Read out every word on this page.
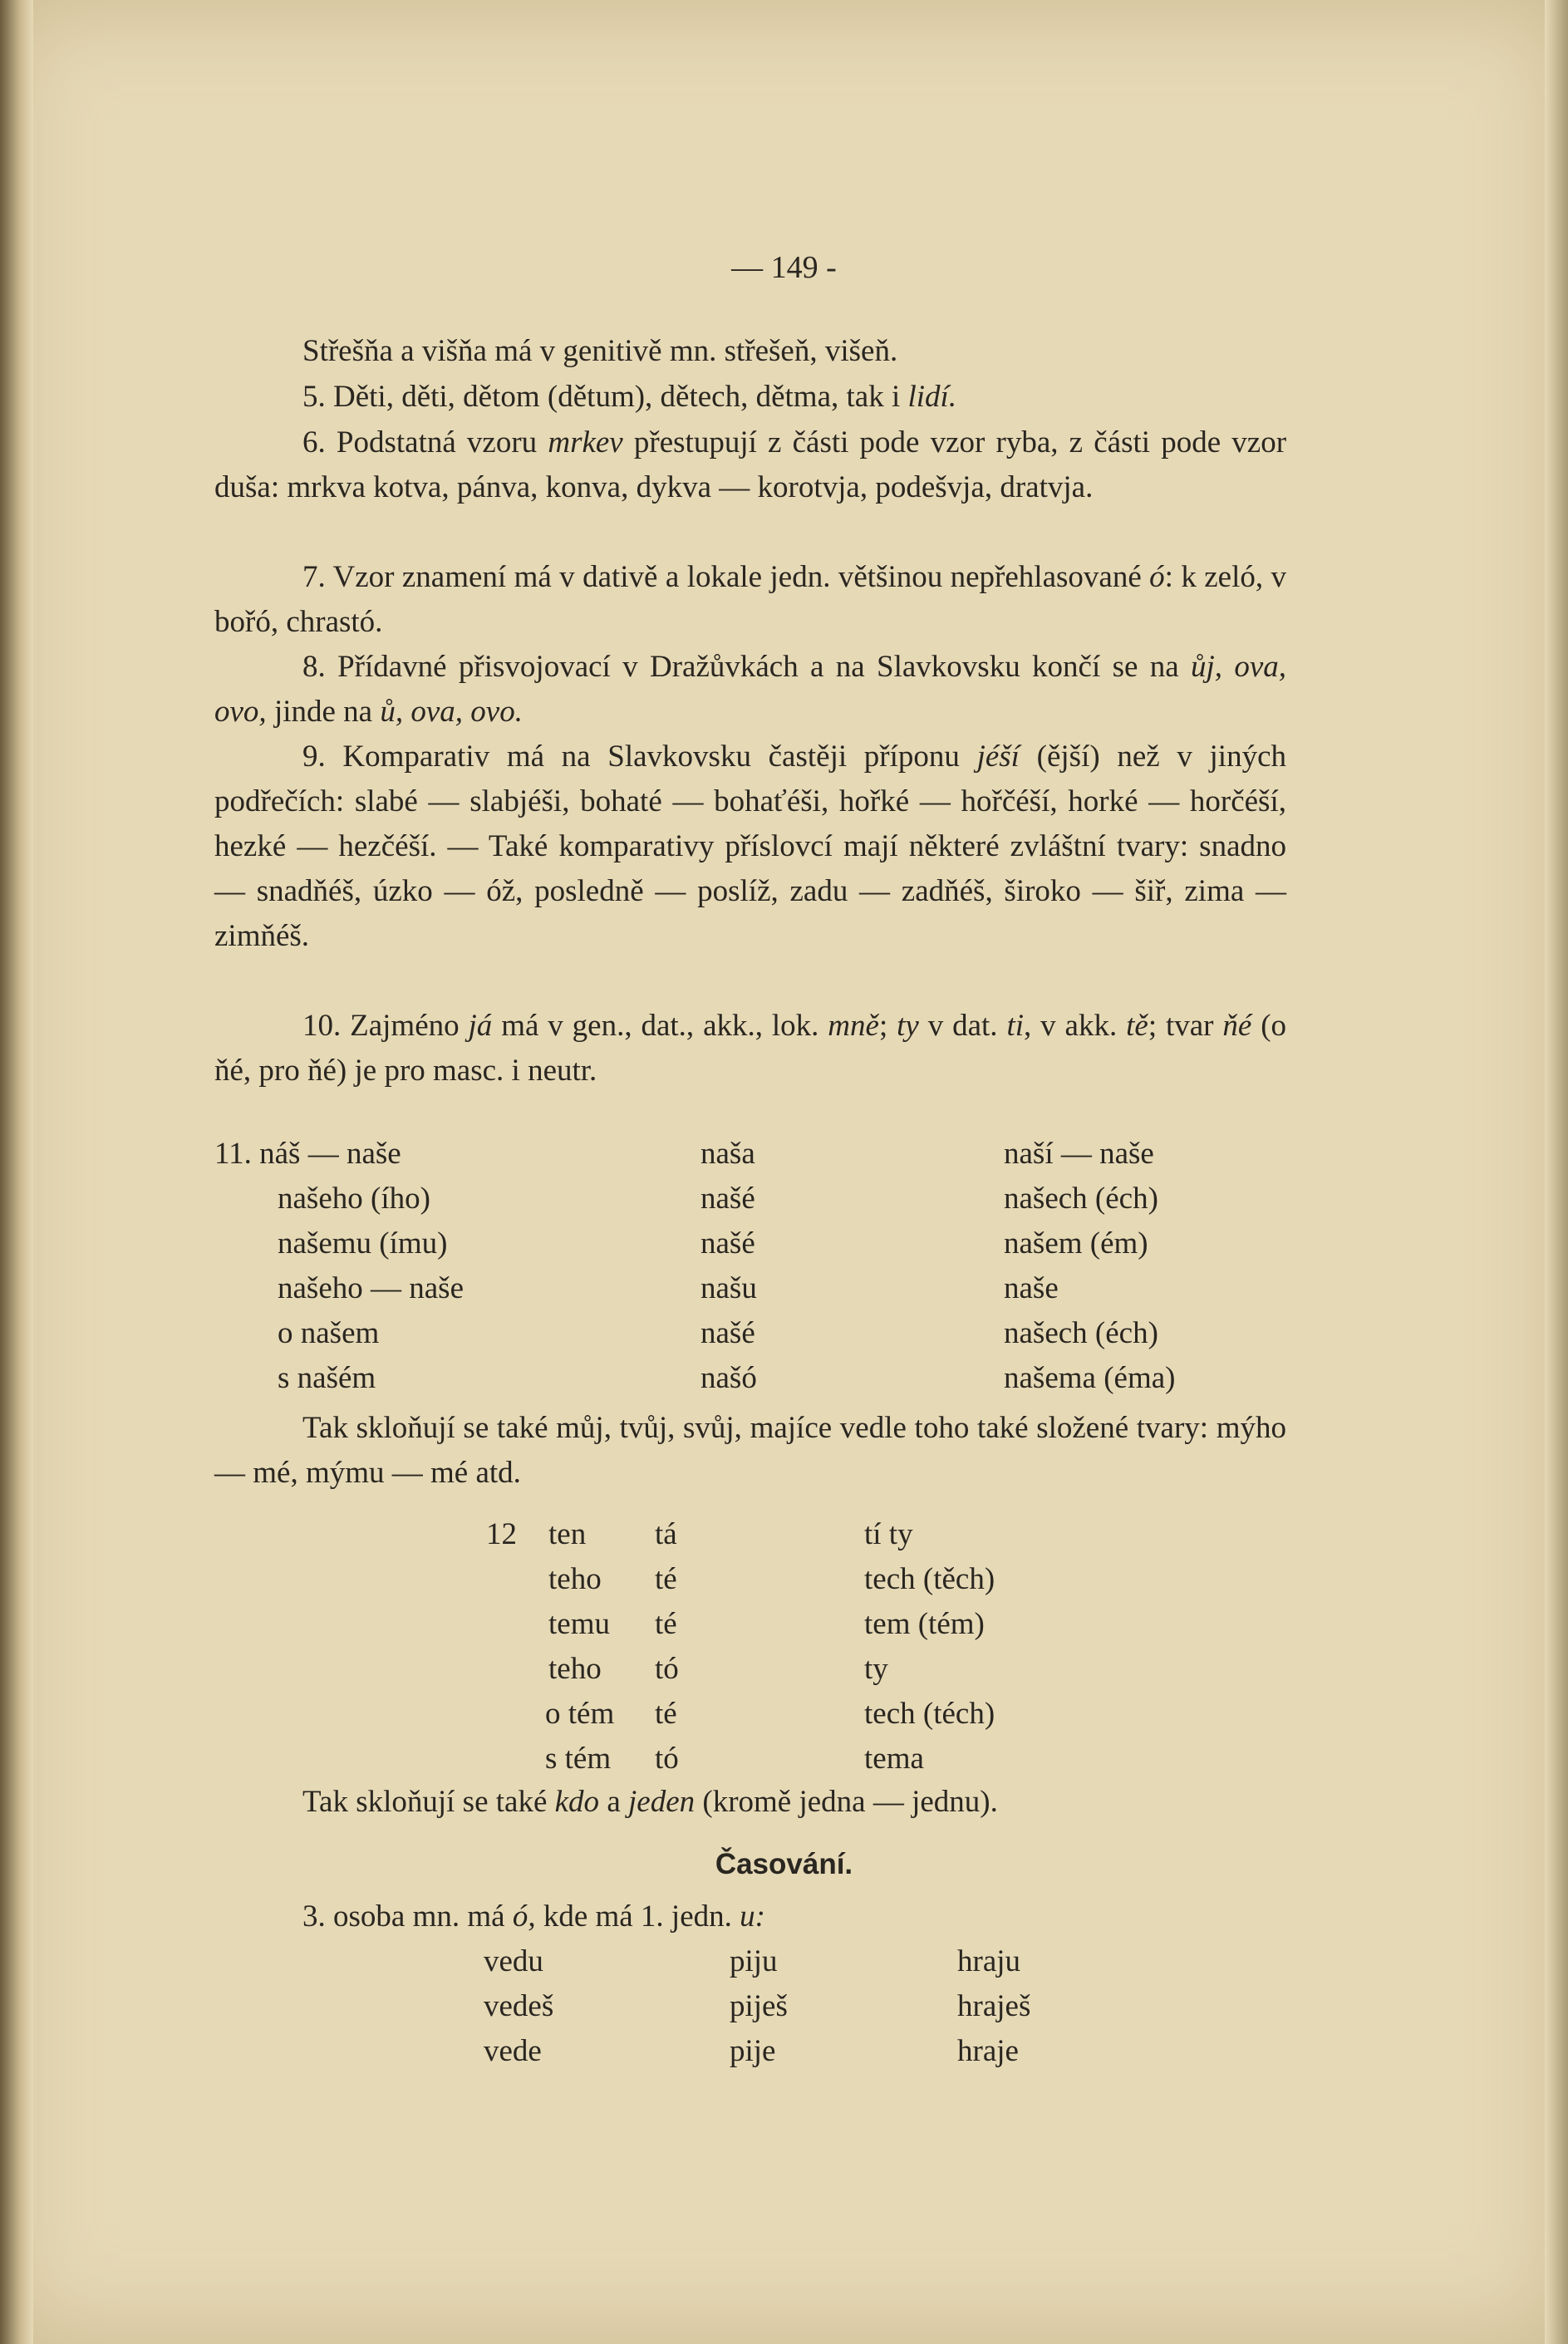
— 149 -
Střešňa a višňa má v genitivě mn. střešeň, višeň.
5. Děti, děti, dětom (dětum), dětech, dětma, tak i lidí.
6. Podstatná vzoru mrkev přestupují z části pode vzor ryba, z části pode vzor duša: mrkva kotva, pánva, konva, dykva — korotvja, podešvja, dratvja.
7. Vzor znamení má v dativě a lokale jedn. většinou nepřehlasované ó: k zeló, v bořó, chrastó.
8. Přídavné přisvojovací v Dražůvkách a na Slavkovsku končí se na ůj, ova, ovo, jinde na ů, ova, ovo.
9. Komparativ má na Slavkovsku častěji příponu jéší (ější) než v jiných podřečích: slabé — slabjéši, bohaté — bohaťéši, hořké — hořčéší, horké — horčéší, hezké — hezčéší. — Také komparativy příslovcí mají některé zvláštní tvary: snadno — snadňéš, úzko — óž, posledně — poslíž, zadu — zadňéš, široko — šiř, zima — zimňéš.
10. Zajméno já má v gen., dat., akk., lok. mně; ty v dat. ti, v akk. tě; tvar ňé (o ňé, pro ňé) je pro masc. i neutr.
11. náš — naše	naša	naší — naše
našeho (ího)	našé	našech (éch)
našemu (ímu)	našé	našem (ém)
našeho — naše	našu	naše
o našem	našé	našech (éch)
s našém	našó	našema (éma)
Tak skloňují se také můj, tvůj, svůj, majíce vedle toho také složené tvary: mýho — mé, mýmu — mé atd.
12 ten tá	tí ty
teho té	tech (těch)
temu té	tem (tém)
teho tó	ty
o tém té	tech (téch)
s tém tó	tema
Tak skloňují se také kdo a jeden (kromě jedna — jednu).
Časování.
3. osoba mn. má ó, kde má 1. jedn. u:
vedu	piju	hraju
vedeš	piješ	hraješ
vede	pije	hraje
